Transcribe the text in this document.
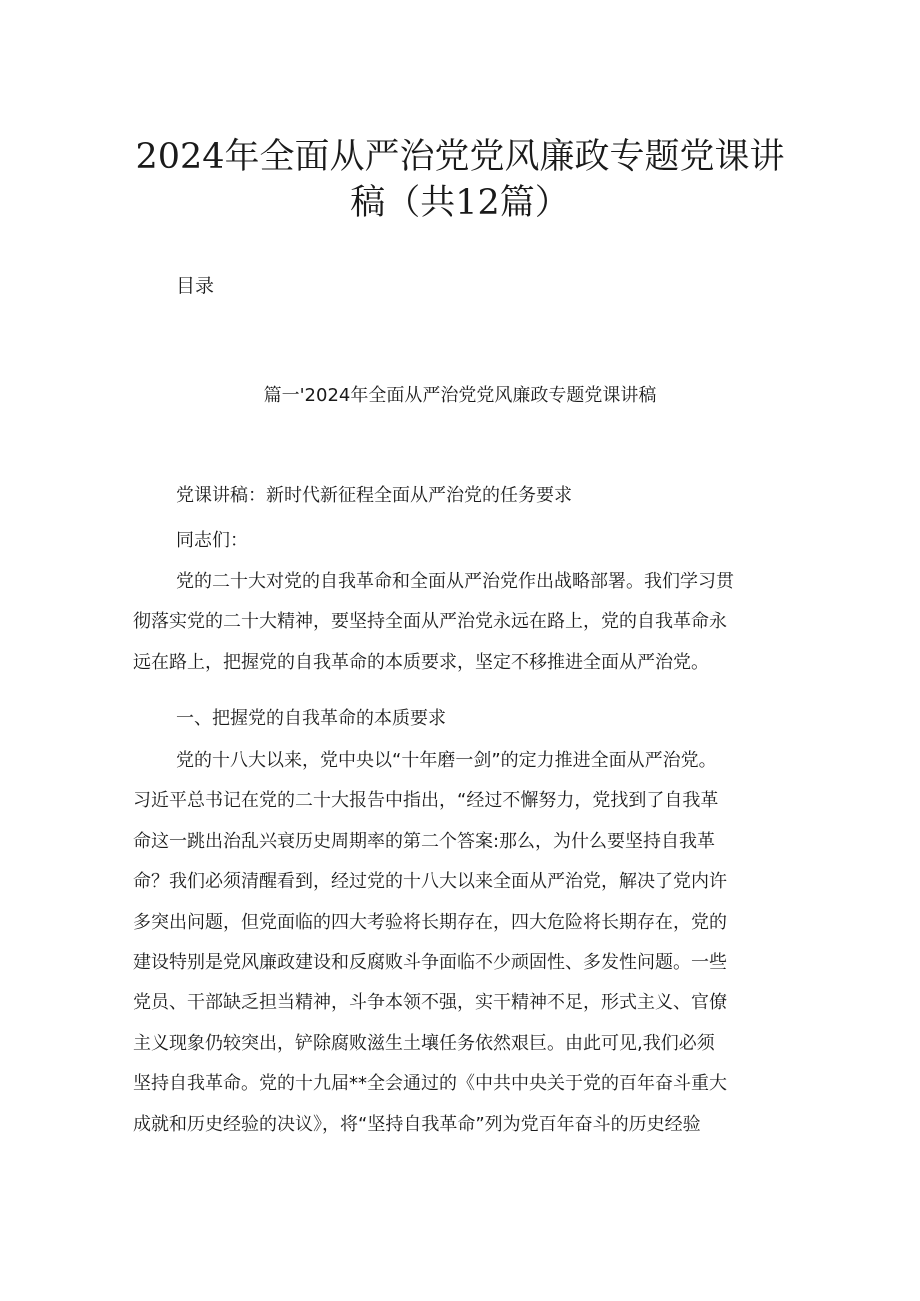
2024年全面从严治党党风廉政专题党课讲
稿（共12篇）

目录

篇一'2024年全面从严治党党风廉政专题党课讲稿

党课讲稿：新时代新征程全面从严治党的任务要求

同志们：

党的二十大对党的自我革命和全面从严治党作出战略部署。我们学习贯
彻落实党的二十大精神，要坚持全面从严治党永远在路上，党的自我革命永
远在路上，把握党的自我革命的本质要求，坚定不移推进全面从严治党。

一、把握党的自我革命的本质要求

党的十八大以来，党中央以“十年磨一剑”的定力推进全面从严治党。
习近平总书记在党的二十大报告中指出，“经过不懈努力，党找到了自我革
命这一跳出治乱兴衰历史周期率的第二个答案:那么，为什么要坚持自我革
命？我们必须清醒看到，经过党的十八大以来全面从严治党，解决了党内许
多突出问题，但党面临的四大考验将长期存在，四大危险将长期存在，党的
建设特别是党风廉政建设和反腐败斗争面临不少顽固性、多发性问题。一些
党员、干部缺乏担当精神，斗争本领不强，实干精神不足，形式主义、官僚
主义现象仍较突出，铲除腐败滋生土壤任务依然艰巨。由此可见,我们必须
坚持自我革命。党的十九届**全会通过的《中共中央关于党的百年奋斗重大
成就和历史经验的决议》，将“坚持自我革命”列为党百年奋斗的历史经验
